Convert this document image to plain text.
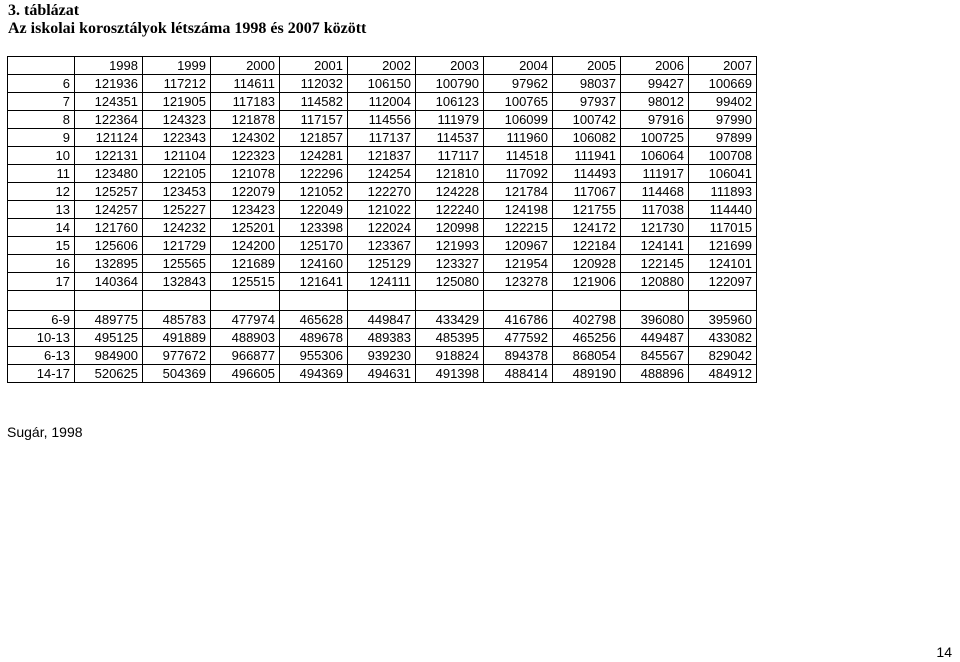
3. táblázat
Az iskolai korosztályok létszáma 1998 és 2007 között
	1998	1999	2000	2001	2002	2003	2004	2005	2006	2007
6	121936	117212	114611	112032	106150	100790	97962	98037	99427	100669
7	124351	121905	117183	114582	112004	106123	100765	97937	98012	99402
8	122364	124323	121878	117157	114556	111979	106099	100742	97916	97990
9	121124	122343	124302	121857	117137	114537	111960	106082	100725	97899
10	122131	121104	122323	124281	121837	117117	114518	111941	106064	100708
11	123480	122105	121078	122296	124254	121810	117092	114493	111917	106041
12	125257	123453	122079	121052	122270	124228	121784	117067	114468	111893
13	124257	125227	123423	122049	121022	122240	124198	121755	117038	114440
14	121760	124232	125201	123398	122024	120998	122215	124172	121730	117015
15	125606	121729	124200	125170	123367	121993	120967	122184	124141	121699
16	132895	125565	121689	124160	125129	123327	121954	120928	122145	124101
17	140364	132843	125515	121641	124111	125080	123278	121906	120880	122097

6-9	489775	485783	477974	465628	449847	433429	416786	402798	396080	395960
10-13	495125	491889	488903	489678	489383	485395	477592	465256	449487	433082
6-13	984900	977672	966877	955306	939230	918824	894378	868054	845567	829042
14-17	520625	504369	496605	494369	494631	491398	488414	489190	488896	484912
Sugár, 1998
14
